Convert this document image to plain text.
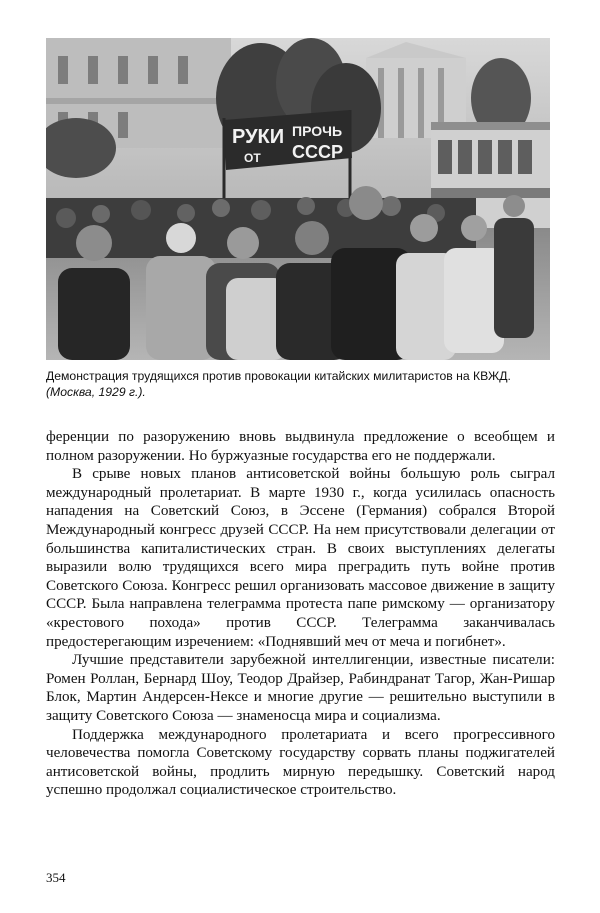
РУКИ ПРОЧЬ
ОТ СССР
Демонстрация трудящихся против провокации китайских милитаристов на КВЖД.
(Москва, 1929 г.).

ференции по разоружению вновь выдвинула предложение о всеобщем и полном разоружении. Но буржуазные государства его не поддержали.

В срыве новых планов антисоветской войны большую роль сыграл международный пролетариат. В марте 1930 г., когда усилилась опасность нападения на Советский Союз, в Эссене (Германия) собрался Второй Международный конгресс друзей СССР. На нем присутствовали делегации от большинства капиталистических стран. В своих выступлениях делегаты выразили волю трудящихся всего мира преградить путь войне против Советского Союза. Конгресс решил организовать массовое движение в защиту СССР. Была направлена телеграмма протеста папе римскому — организатору «крестового похода» против СССР. Телеграмма заканчивалась предостерегающим изречением: «Поднявший меч от меча и погибнет».

Лучшие представители зарубежной интеллигенции, известные писатели: Ромен Роллан, Бернард Шоу, Теодор Драйзер, Рабиндранат Тагор, Жан-Ришар Блок, Мартин Андерсен-Нексе и многие другие — решительно выступили в защиту Советского Союза — знаменосца мира и социализма.

Поддержка международного пролетариата и всего прогрессивного человечества помогла Советскому государству сорвать планы поджигателей антисоветской войны, продлить мирную передышку. Советский народ успешно продолжал социалистическое строительство.

354
